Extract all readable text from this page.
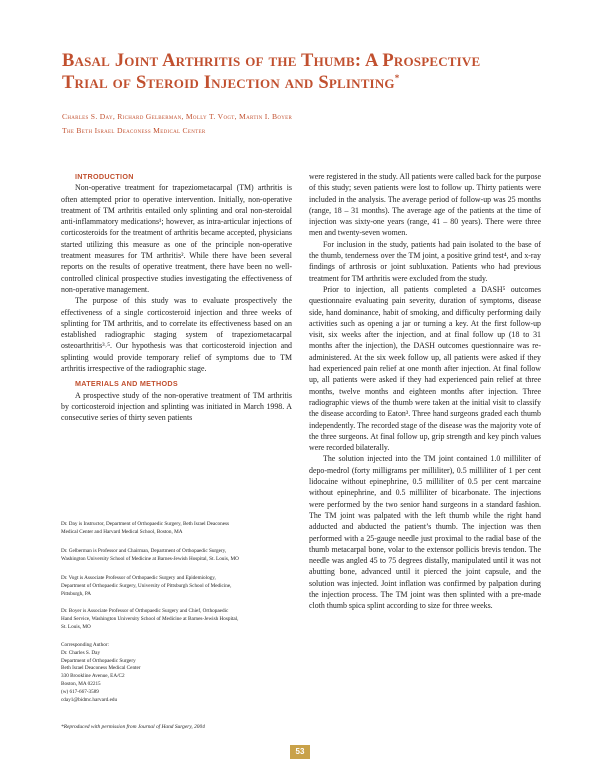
Basal Joint Arthritis of the Thumb: A Prospective
Trial of Steroid Injection and Splinting*
Charles S. Day, Richard Gelberman, Molly T. Vogt, Martin I. Boyer
The Beth Israel Deaconess Medical Center

INTRODUCTION

Non-operative treatment for trapeziometacarpal (TM) arthritis is often attempted prior to operative intervention. Initially, non-operative treatment of TM arthritis entailed only splinting and oral non-steroidal anti-inflammatory medications¹; however, as intra-articular injections of corticosteroids for the treatment of arthritis became accepted, physicians started utilizing this measure as one of the principle non-operative treatment measures for TM arthritis². While there have been several reports on the results of operative treatment, there have been no well-controlled clinical prospective studies investigating the effectiveness of non-operative management.

The purpose of this study was to evaluate prospectively the effectiveness of a single corticosteroid injection and three weeks of splinting for TM arthritis, and to correlate its effectiveness based on an established radiographic staging system of trapeziometacarpal osteoarthritis³˒⁵. Our hypothesis was that corticosteroid injection and splinting would provide temporary relief of symptoms due to TM arthritis irrespective of the radiographic stage.

MATERIALS AND METHODS

A prospective study of the non-operative treatment of TM arthritis by corticosteroid injection and splinting was initiated in March 1998. A consecutive series of thirty seven patients

were registered in the study. All patients were called back for the purpose of this study; seven patients were lost to follow up. Thirty patients were included in the analysis. The average period of follow-up was 25 months (range, 18 – 31 months). The average age of the patients at the time of injection was sixty-one years (range, 41 – 80 years). There were three men and twenty-seven women.

For inclusion in the study, patients had pain isolated to the base of the thumb, tenderness over the TM joint, a positive grind test⁴, and x-ray findings of arthrosis or joint subluxation. Patients who had previous treatment for TM arthritis were excluded from the study.

Prior to injection, all patients completed a DASH⁵ outcomes questionnaire evaluating pain severity, duration of symptoms, disease side, hand dominance, habit of smoking, and difficulty performing daily activities such as opening a jar or turning a key. At the first follow-up visit, six weeks after the injection, and at final follow up (18 to 31 months after the injection), the DASH outcomes questionnaire was re-administered. At the six week follow up, all patients were asked if they had experienced pain relief at one month after injection. At final follow up, all patients were asked if they had experienced pain relief at three months, twelve months and eighteen months after injection. Three radiographic views of the thumb were taken at the initial visit to classify the disease according to Eaton³. Three hand surgeons graded each thumb independently. The recorded stage of the disease was the majority vote of the three surgeons. At final follow up, grip strength and key pinch values were recorded bilaterally.

The solution injected into the TM joint contained 1.0 milliliter of depo-medrol (forty milligrams per milliliter), 0.5 milliliter of 1 per cent lidocaine without epinephrine, 0.5 milliliter of 0.5 per cent marcaine without epinephrine, and 0.5 milliliter of bicarbonate. The injections were performed by the two senior hand surgeons in a standard fashion. The TM joint was palpated with the left thumb while the right hand adducted and abducted the patient’s thumb. The injection was then performed with a 25-gauge needle just proximal to the radial base of the thumb metacarpal bone, volar to the extensor pollicis brevis tendon. The needle was angled 45 to 75 degrees distally, manipulated until it was not abutting bone, advanced until it pierced the joint capsule, and the solution was injected. Joint inflation was confirmed by palpation during the injection process. The TM joint was then splinted with a pre-made cloth thumb spica splint according to size for three weeks.

Dr. Day is Instructor, Department of Orthopaedic Surgery, Beth Israel Deaconess
Medical Center and Harvard Medical School, Boston, MA
Dr. Gelberman is Professor and Chairman, Department of Orthopaedic Surgery,
Washington University School of Medicine at Barnes-Jewish Hospital, St. Louis, MO
Dr. Vogt is Associate Professor of Orthopaedic Surgery and Epidemiology,
Department of Orthopaedic Surgery, University of Pittsburgh School of Medicine,
Pittsburgh, PA
Dr. Boyer is Associate Professor of Orthopaedic Surgery and Chief, Orthopaedic
Hand Service, Washington University School of Medicine at Barnes-Jewish Hospital,
St. Louis, MO
Corresponding Author:
Dr. Charles S. Day
Department of Orthopaedic Surgery
Beth Israel Deaconess Medical Center
330 Brookline Avenue, EA/C2
Boston, MA 02215
(w) 617-667-3589
cday1@bidmc.harvard.edu
*Reproduced with permission from Journal of Hand Surgery, 2004
53
